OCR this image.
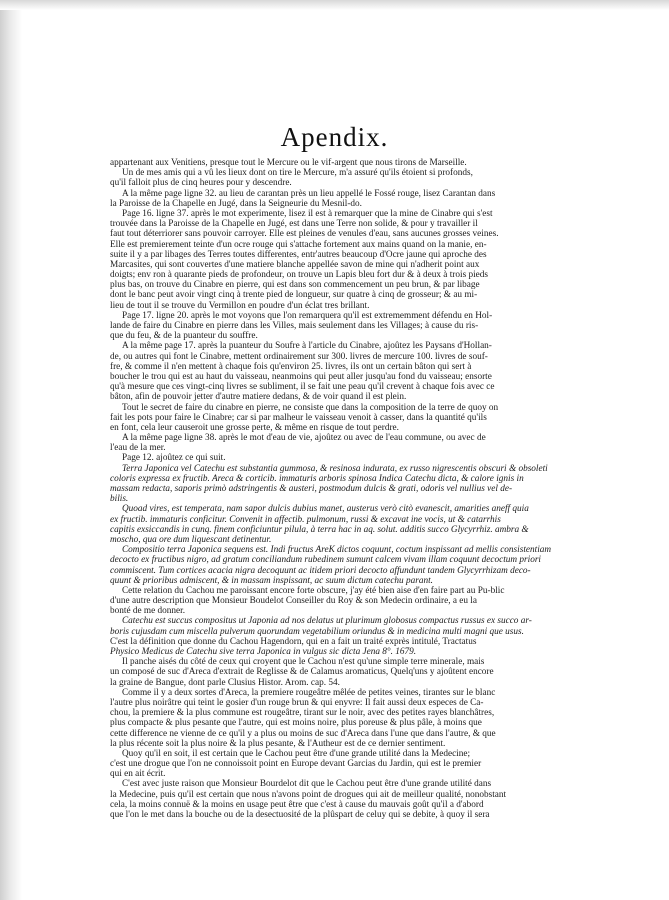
Apendix.
appartenant aux Venitiens, presque tout le Mercure ou le vif-argent que nous tirons de Marseille.
Un de mes amis qui a vû les lieux dont on tire le Mercure, m'a assuré qu'ils étoient si profonds,
qu'il falloit plus de cinq heures pour y descendre.
A la même page ligne 32. au lieu de carantan près un lieu appellé le Fossé rouge, lisez Carantan dans
la Paroisse de la Chapelle en Jugé, dans la Seigneurie du Mesnil-do.
Page 16. ligne 37. après le mot experimente, lisez il est à remarquer que la mine de Cinabre qui s'est
trouvée dans la Paroisse de la Chapelle en Jugé, est dans une Terre non solide, & pour y travailler il
faut tout déterriorer sans pouvoir carroyer. Elle est pleines de venules d'eau, sans aucunes grosses veines.
Elle est premierement teinte d'un ocre rouge qui s'attache fortement aux mains quand on la manie, en-
suite il y a par libages des Terres toutes differentes, entr'autres beaucoup d'Ocre jaune qui aproche des
Marcasites, qui sont couvertes d'une matiere blanche appellée savon de mine qui n'adherit point aux
doigts; env ron à quarante pieds de profondeur, on trouve un Lapis bleu fort dur & à deux à trois pieds
plus bas, on trouve du Cinabre en pierre, qui est dans son commencement un peu brun, & par libage
dont le banc peut avoir vingt cinq à trente pied de longueur, sur quatre à cinq de grosseur; & au mi-
lieu de tout il se trouve du Vermillon en poudre d'un éclat tres brillant.
Page 17. ligne 20. après le mot voyons que l'on remarquera qu'il est extrememment défendu en Hol-
lande de faire du Cinabre en pierre dans les Villes, mais seulement dans les Villages; à cause du ris-
que du feu, & de la puanteur du souffre.
A la même page 17. après la puanteur du Soufre à l'article du Cinabre, ajoûtez les Paysans d'Hollan-
de, ou autres qui font le Cinabre, mettent ordinairement sur 300. livres de mercure 100. livres de souf-
fre, & comme il n'en mettent à chaque fois qu'environ 25. livres, ils ont un certain bâton qui sert à
boucher le trou qui est au haut du vaisseau, neanmoins qui peut aller jusqu'au fond du vaisseau; ensorte
qu'à mesure que ces vingt-cinq livres se subliment, il se fait une peau qu'il crevent à chaque fois avec ce
bâton, afin de pouvoir jetter d'autre matiere dedans, & de voir quand il est plein.
Tout le secret de faire du cinabre en pierre, ne consiste que dans la composition de la terre de quoy on
fait les pots pour faire le Cinabre; car si par malheur le vaisseau venoit à casser, dans la quantité qu'ils
en font, cela leur causeroit une grosse perte, & même en risque de tout perdre.
A la même page ligne 38. après le mot d'eau de vie, ajoûtez ou avec de l'eau commune, ou avec de
l'eau de la mer.
Page 12. ajoûtez ce qui suit.
Terra Japonica vel Catechu est substantia gummosa, & resinosa indurata, ex russo nigrescentis obscuri & obsoleti
coloris expressa ex fructib. Areca & corticib. immaturis arboris spinosa Indica Catechu dicta, & calore ignis in
massam redacta, saporis primò adstringentis & austeri, postmodum dulcis & grati, odoris vel nullius vel de-
bilis.
Quoad vires, est temperata, nam sapor dulcis dubius manet, austerus verò citò evanescit, amarities aneff quia
ex fructib. immaturis conficitur. Convenit in affectib. pulmonum, russi & excavat ine vocis, ut & catarrhis
capitis exsiccandis in cunq. finem conficiuntur pilula, à terra hac in aq. solut. additis succo Glycyrrhiz. ambra &
moscho, qua ore dum liquescant detinentur.
Compositio terra Japonica sequens est. Indi fructus AreK dictos coquunt, coctum inspissant ad mellis consistentiam
decocto ex fructibus nigro, ad gratum conciliandum rubedinem sumunt calcem vivam illam coquunt decoctum priori
commiscent. Tum cortices acacia nigra decoquunt ac itidem priori decocto affundunt tandem Glycyrrhizam deco-
quunt & prioribus admiscent, & in massam inspissant, ac suum dictum catechu parant.
Cette relation du Cachou me paroissant encore forte obscure, j'ay été bien aise d'en faire part au Pu-blic
d'une autre description que Monsieur Boudelot Conseiller du Roy & son Medecin ordinaire, a eu la
bonté de me donner.
Catechu est succus compositus ut Japonia ad nos delatus ut plurimum globosus compactus russus ex succo ar-
boris cujusdam cum miscella pulverum quorundam vegetabilium oriundus & in medicina multi magni que usus.
C'est la définition que donne du Cachou Hagendorn, qui en a fait un traité exprès intitulé, Tractatus
Physico Medicus de Catechu sive terra Japonica in vulgus sic dicta Jena 8°. 1679.
Il panche aisés du côté de ceux qui croyent que le Cachou n'est qu'une simple terre minerale, mais
un composé de suc d'Areca d'extrait de Reglisse & de Calamus aromaticus, Quelq'uns y ajoûtent encore
la graine de Bangue, dont parle Clusius Histor. Arom. cap. 54.
Comme il y a deux sortes d'Areca, la premiere rougeâtre mêlée de petites veines, tirantes sur le blanc
l'autre plus noirâtre qui teint le gosier d'un rouge brun & qui enyvre: Il fait aussi deux especes de Ca-
chou, la premiere & la plus commune est rougeâtre, tirant sur le noir, avec des petites rayes blanchâtres,
plus compacte & plus pesante que l'autre, qui est moins noire, plus poreuse & plus pâle, à moins que
cette difference ne vienne de ce qu'il y a plus ou moins de suc d'Areca dans l'une que dans l'autre, & que
la plus récente soit la plus noire & la plus pesante, & l'Autheur est de ce dernier sentiment.
Quoy qu'il en soit, il est certain que le Cachou peut être d'une grande utilité dans la Medecine;
c'est une drogue que l'on ne connoissoit point en Europe devant Garcias du Jardin, qui est le premier
qui en ait écrit.
C'est avec juste raison que Monsieur Bourdelot dit que le Cachou peut être d'une grande utilité dans
la Medecine, puis qu'il est certain que nous n'avons point de drogues qui ait de meilleur qualité, nonobstant
cela, la moins connuë & la moins en usage peut être que c'est à cause du mauvais goût qu'il a d'abord
que l'on le met dans la bouche ou de la desectuosité de la plûspart de celuy qui se debite, à quoy il sera
